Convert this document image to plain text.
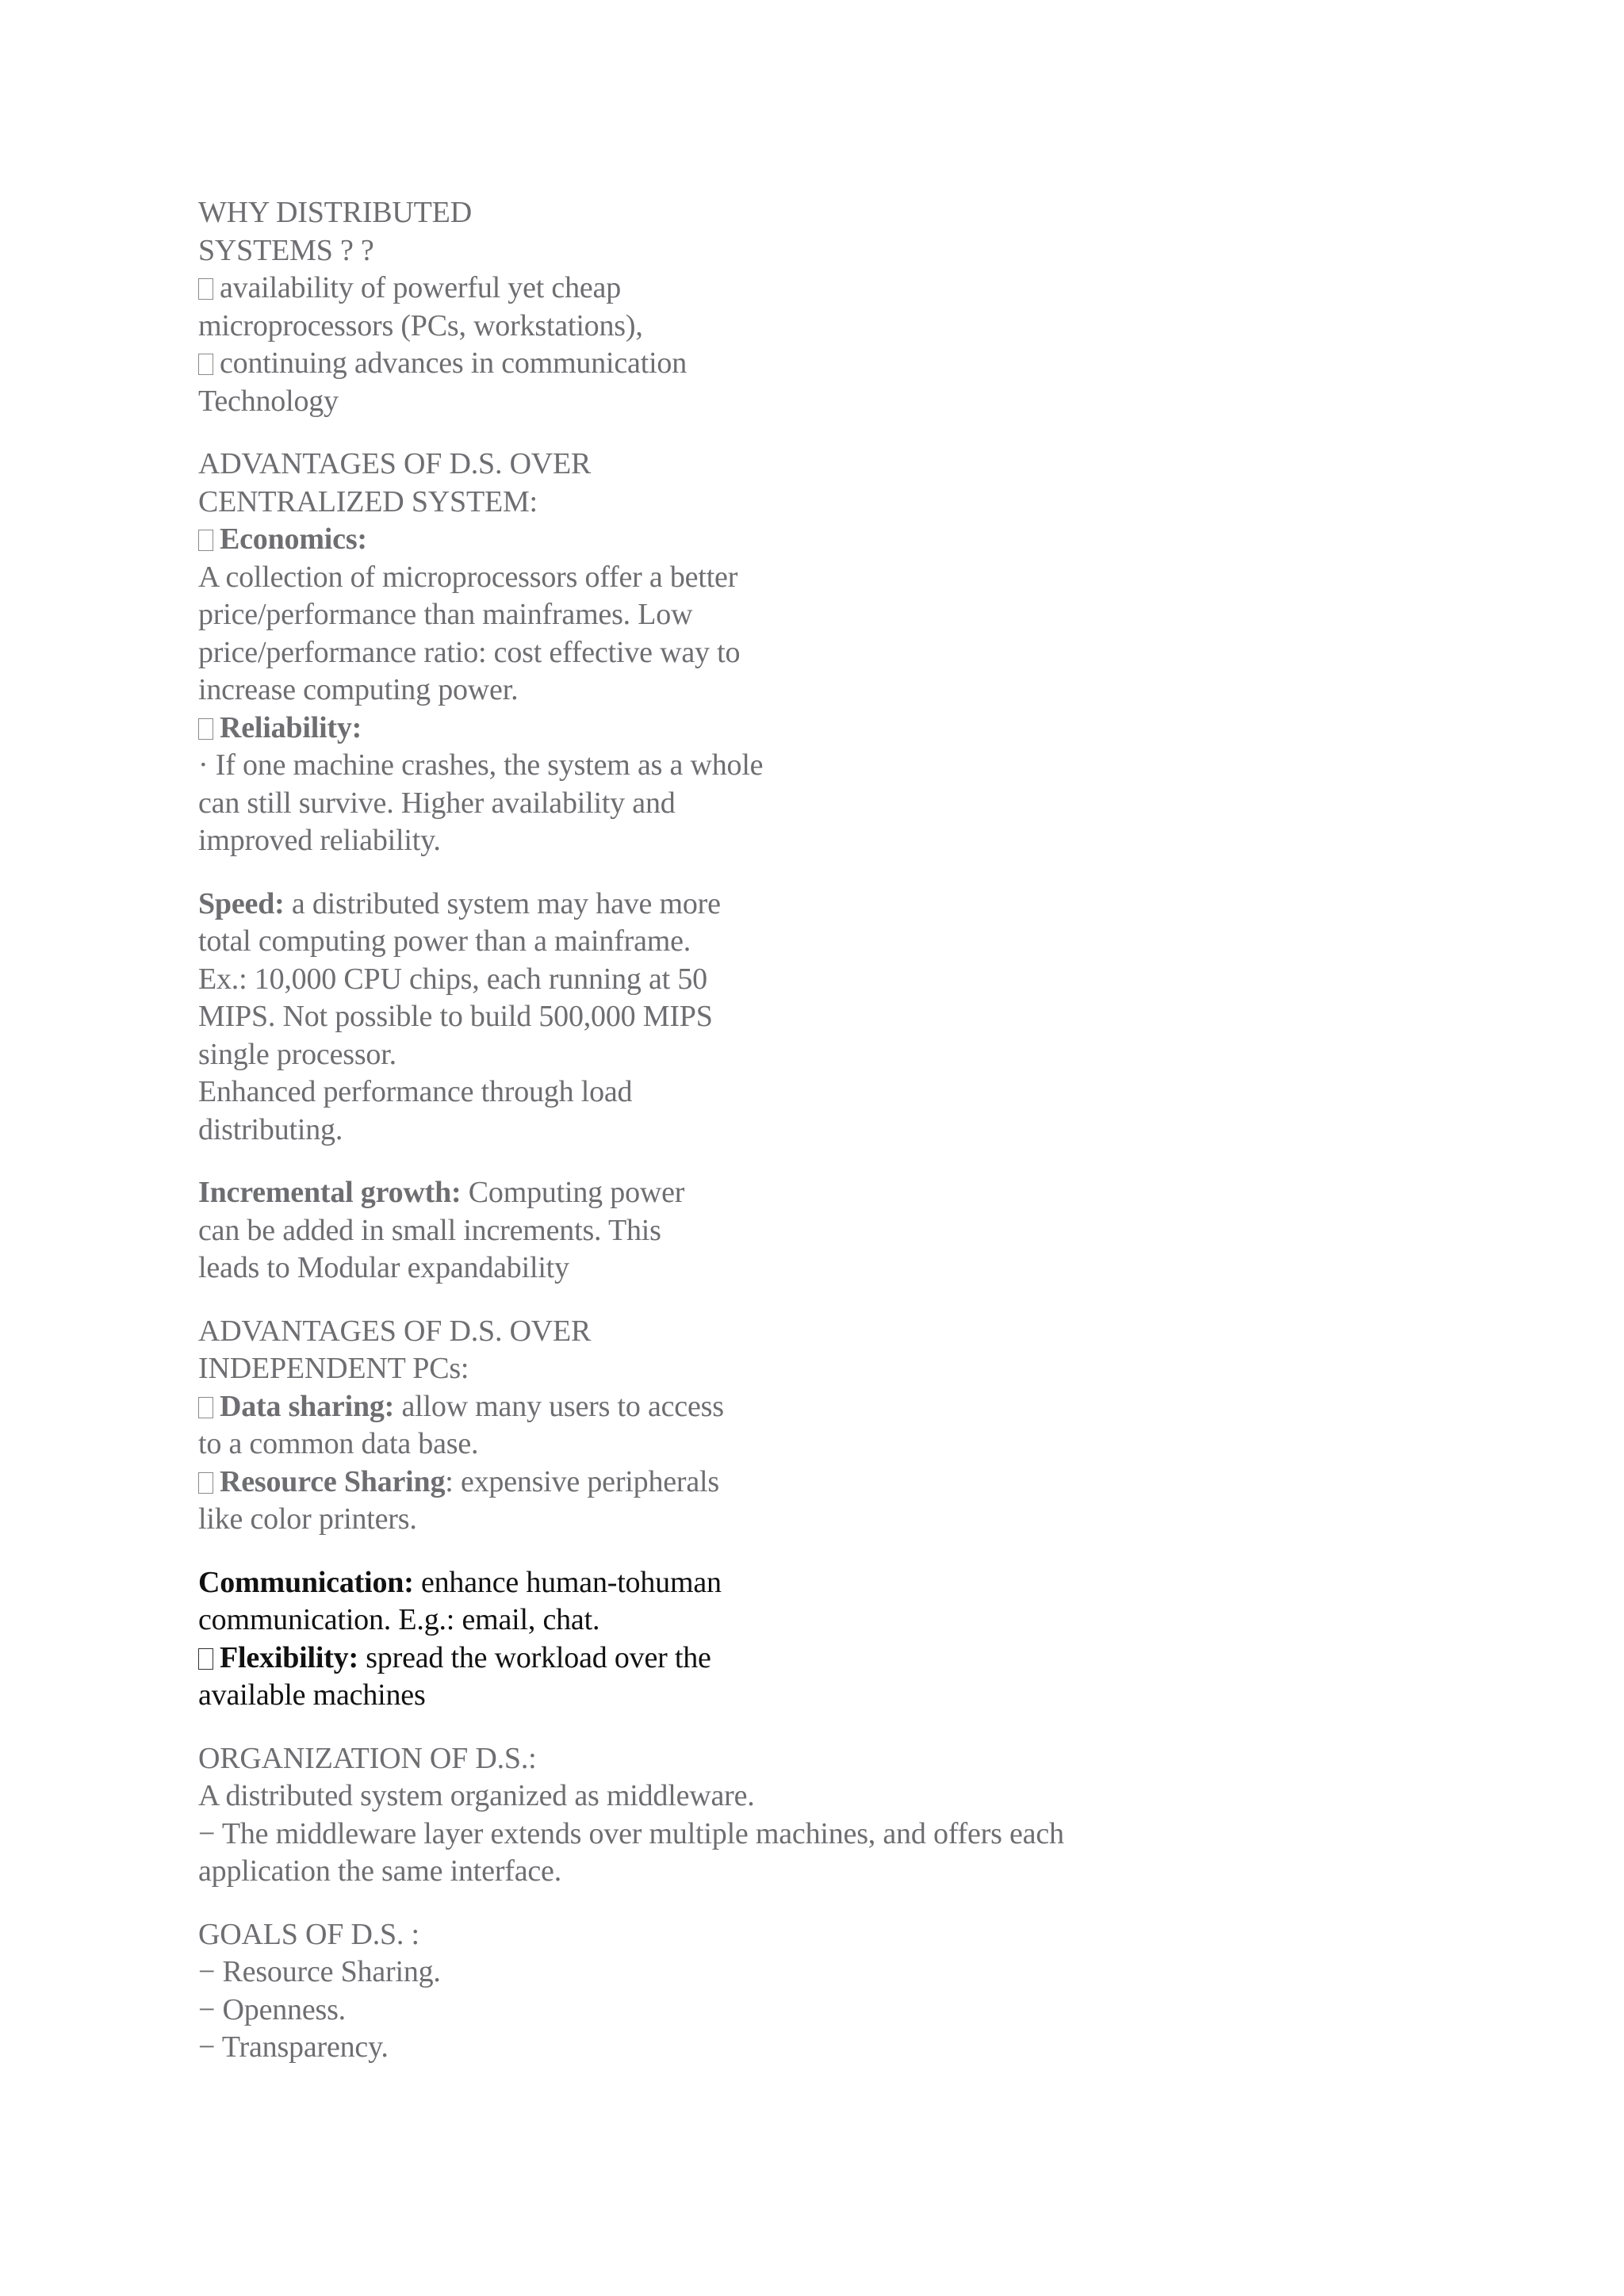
WHY DISTRIBUTED
SYSTEMS ? ?
availability of powerful yet cheap
microprocessors (PCs, workstations),
continuing advances in communication
Technology
ADVANTAGES OF D.S. OVER
CENTRALIZED SYSTEM:
Economics:
A collection of microprocessors offer a better
price/performance than mainframes. Low
price/performance ratio: cost effective way to
increase computing power.
Reliability:
· If one machine crashes, the system as a whole
can still survive. Higher availability and
improved reliability.
Speed: a distributed system may have more
total computing power than a mainframe.
Ex.: 10,000 CPU chips, each running at 50
MIPS. Not possible to build 500,000 MIPS
single processor.
Enhanced performance through load
distributing.
Incremental growth: Computing power
can be added in small increments. This
leads to Modular expandability
ADVANTAGES OF D.S. OVER
INDEPENDENT PCs:
Data sharing: allow many users to access
to a common data base.
Resource Sharing: expensive peripherals
like color printers.
Communication: enhance human-tohuman
communication. E.g.: email, chat.
Flexibility: spread the workload over the
available machines
ORGANIZATION OF D.S.:
A distributed system organized as middleware.
− The middleware layer extends over multiple machines, and offers each
application the same interface.
GOALS OF D.S. :
− Resource Sharing.
− Openness.
− Transparency.
